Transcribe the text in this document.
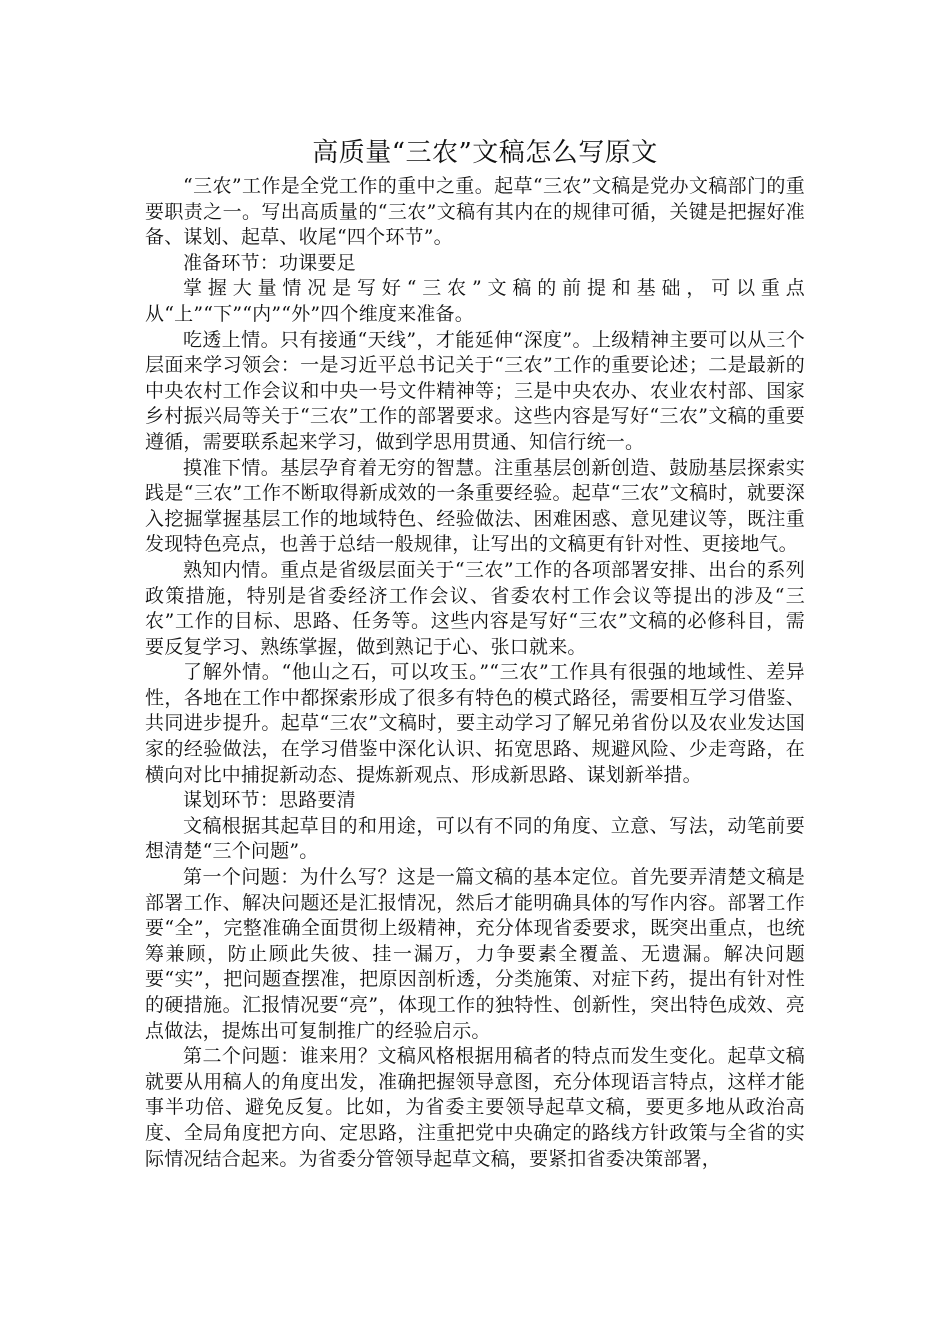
高质量“三农”文稿怎么写原文

“三农”工作是全党工作的重中之重。起草“三农”文稿是党办文稿部门的重要职责之一。写出高质量的“三农”文稿有其内在的规律可循，关键是把握好准备、谋划、起草、收尾“四个环节”。

准备环节：功课要足

掌握大量情况是写好“三农”文稿的前提和基础，可以重点从“上”“下”“内”“外”四个维度来准备。

吃透上情。只有接通“天线”，才能延伸“深度”。上级精神主要可以从三个层面来学习领会：一是习近平总书记关于“三农”工作的重要论述；二是最新的中央农村工作会议和中央一号文件精神等；三是中央农办、农业农村部、国家乡村振兴局等关于“三农”工作的部署要求。这些内容是写好“三农”文稿的重要遵循，需要联系起来学习，做到学思用贯通、知信行统一。

摸准下情。基层孕育着无穷的智慧。注重基层创新创造、鼓励基层探索实践是“三农”工作不断取得新成效的一条重要经验。起草“三农”文稿时，就要深入挖掘掌握基层工作的地域特色、经验做法、困难困惑、意见建议等，既注重发现特色亮点，也善于总结一般规律，让写出的文稿更有针对性、更接地气。

熟知内情。重点是省级层面关于“三农”工作的各项部署安排、出台的系列政策措施，特别是省委经济工作会议、省委农村工作会议等提出的涉及“三农”工作的目标、思路、任务等。这些内容是写好“三农”文稿的必修科目，需要反复学习、熟练掌握，做到熟记于心、张口就来。

了解外情。“他山之石，可以攻玉。”“三农”工作具有很强的地域性、差异性，各地在工作中都探索形成了很多有特色的模式路径，需要相互学习借鉴、共同进步提升。起草“三农”文稿时，要主动学习了解兄弟省份以及农业发达国家的经验做法，在学习借鉴中深化认识、拓宽思路、规避风险、少走弯路，在横向对比中捕捉新动态、提炼新观点、形成新思路、谋划新举措。

谋划环节：思路要清

文稿根据其起草目的和用途，可以有不同的角度、立意、写法，动笔前要想清楚“三个问题”。

第一个问题：为什么写？这是一篇文稿的基本定位。首先要弄清楚文稿是部署工作、解决问题还是汇报情况，然后才能明确具体的写作内容。部署工作要“全”，完整准确全面贯彻上级精神，充分体现省委要求，既突出重点，也统筹兼顾，防止顾此失彼、挂一漏万，力争要素全覆盖、无遗漏。解决问题要“实”，把问题查摆准，把原因剖析透，分类施策、对症下药，提出有针对性的硬措施。汇报情况要“亮”，体现工作的独特性、创新性，突出特色成效、亮点做法，提炼出可复制推广的经验启示。

第二个问题：谁来用？文稿风格根据用稿者的特点而发生变化。起草文稿就要从用稿人的角度出发，准确把握领导意图，充分体现语言特点，这样才能事半功倍、避免反复。比如，为省委主要领导起草文稿，要更多地从政治高度、全局角度把方向、定思路，注重把党中央确定的路线方针政策与全省的实际情况结合起来。为省委分管领导起草文稿，要紧扣省委决策部署，
